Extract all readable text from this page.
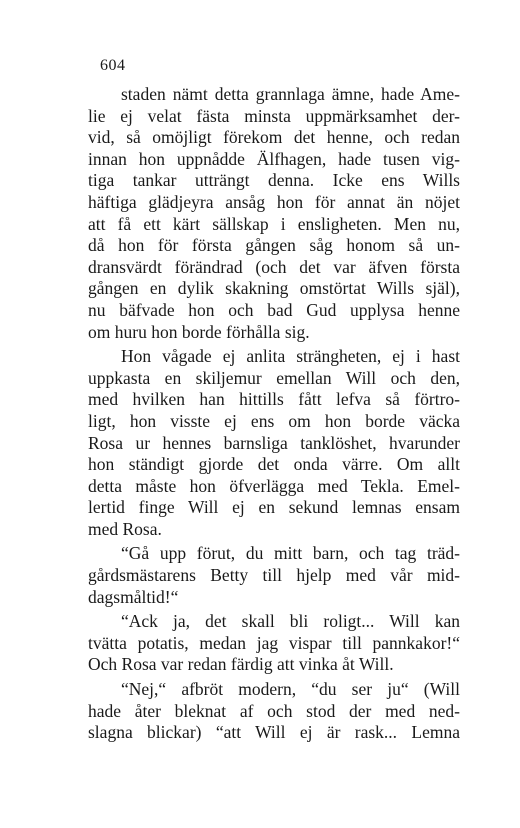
604
staden nämt detta grannlaga ämne, hade Ame-
lie ej velat fästa minsta uppmärksamhet der-
vid, så omöjligt förekom det henne, och redan
innan hon uppnådde Älfhagen, hade tusen vig-
tiga tankar utträngt denna. Icke ens Wills
häftiga glädjeyra ansåg hon för annat än nöjet
att få ett kärt sällskap i ensligheten. Men nu,
då hon för första gången såg honom så un-
dransvärdt förändrad (och det var äfven första
gången en dylik skakning omstörtat Wills själ),
nu bäfvade hon och bad Gud upplysa henne
om huru hon borde förhålla sig.
Hon vågade ej anlita strängheten, ej i hast
uppkasta en skiljemur emellan Will och den,
med hvilken han hittills fått lefva så förtro-
ligt, hon visste ej ens om hon borde väcka
Rosa ur hennes barnsliga tanklöshet, hvarunder
hon ständigt gjorde det onda värre. Om allt
detta måste hon öfverlägga med Tekla. Emel-
lertid finge Will ej en sekund lemnas ensam
med Rosa.
“Gå upp förut, du mitt barn, och tag träd-
gårdsmästarens Betty till hjelp med vår mid-
dagsmåltid!“
“Ack ja, det skall bli roligt... Will kan
tvätta potatis, medan jag vispar till pannkakor!“
Och Rosa var redan färdig att vinka åt Will.
“Nej,“ afbröt modern, “du ser ju“ (Will
hade åter bleknat af och stod der med ned-
slagna blickar) “att Will ej är rask... Lemna
